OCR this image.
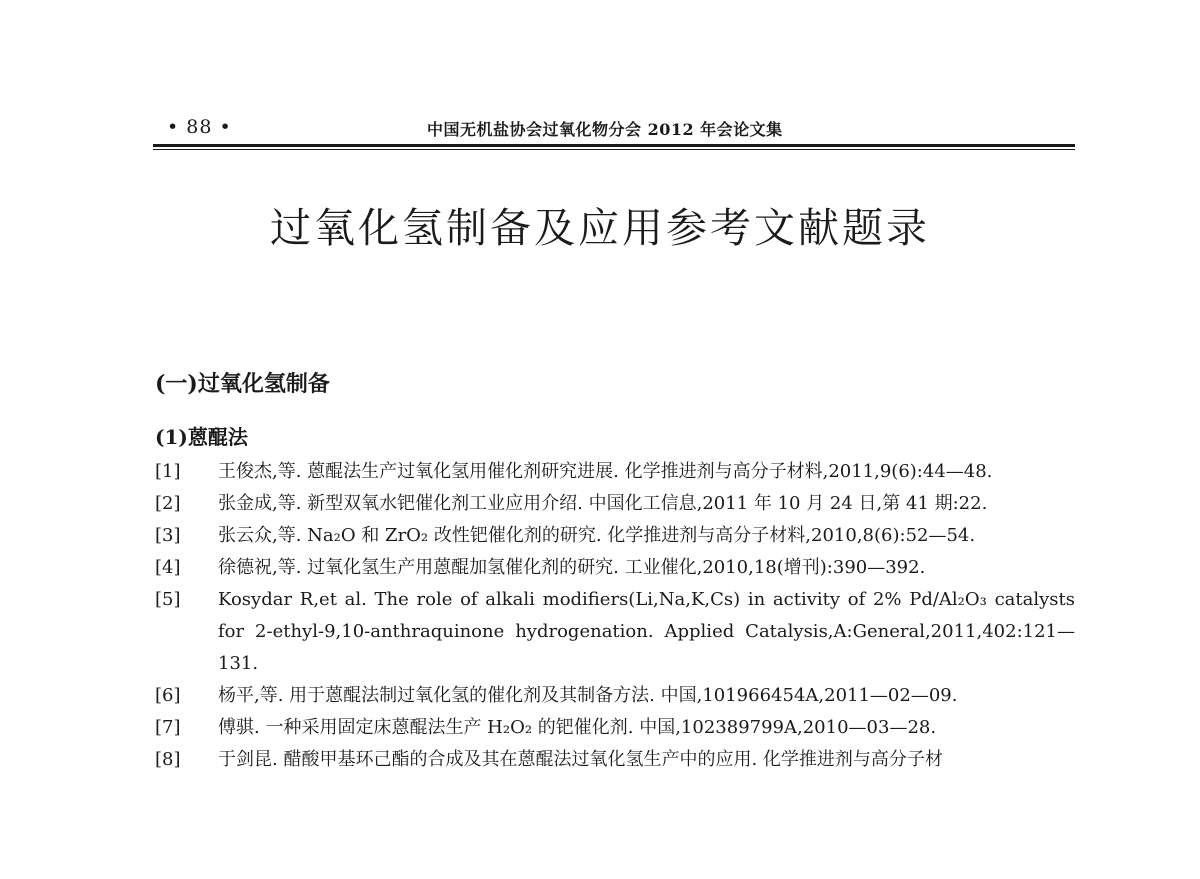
• 88 •	中国无机盐协会过氧化物分会 2012 年会论文集
过氧化氢制备及应用参考文献题录
(一)过氧化氢制备
(1)蒽醌法
[1] 王俊杰,等. 蒽醌法生产过氧化氢用催化剂研究进展. 化学推进剂与高分子材料,2011,9(6):44—48.
[2] 张金成,等. 新型双氧水钯催化剂工业应用介绍. 中国化工信息,2011 年 10 月 24 日,第 41 期:22.
[3] 张云众,等. Na₂O 和 ZrO₂ 改性钯催化剂的研究. 化学推进剂与高分子材料,2010,8(6):52—54.
[4] 徐德祝,等. 过氧化氢生产用蒽醌加氢催化剂的研究. 工业催化,2010,18(增刊):390—392.
[5] Kosydar R,et al. The role of alkali modifiers(Li,Na,K,Cs) in activity of 2% Pd/Al₂O₃ catalysts for 2-ethyl-9,10-anthraquinone hydrogenation. Applied Catalysis,A:General,2011,402:121—131.
[6] 杨平,等. 用于蒽醌法制过氧化氢的催化剂及其制备方法. 中国,101966454A,2011—02—09.
[7] 傅骐. 一种采用固定床蒽醌法生产 H₂O₂ 的钯催化剂. 中国,102389799A,2010—03—28.
[8] 于剑昆. 醋酸甲基环己酯的合成及其在蒽醌法过氧化氢生产中的应用. 化学推进剂与高分子材
